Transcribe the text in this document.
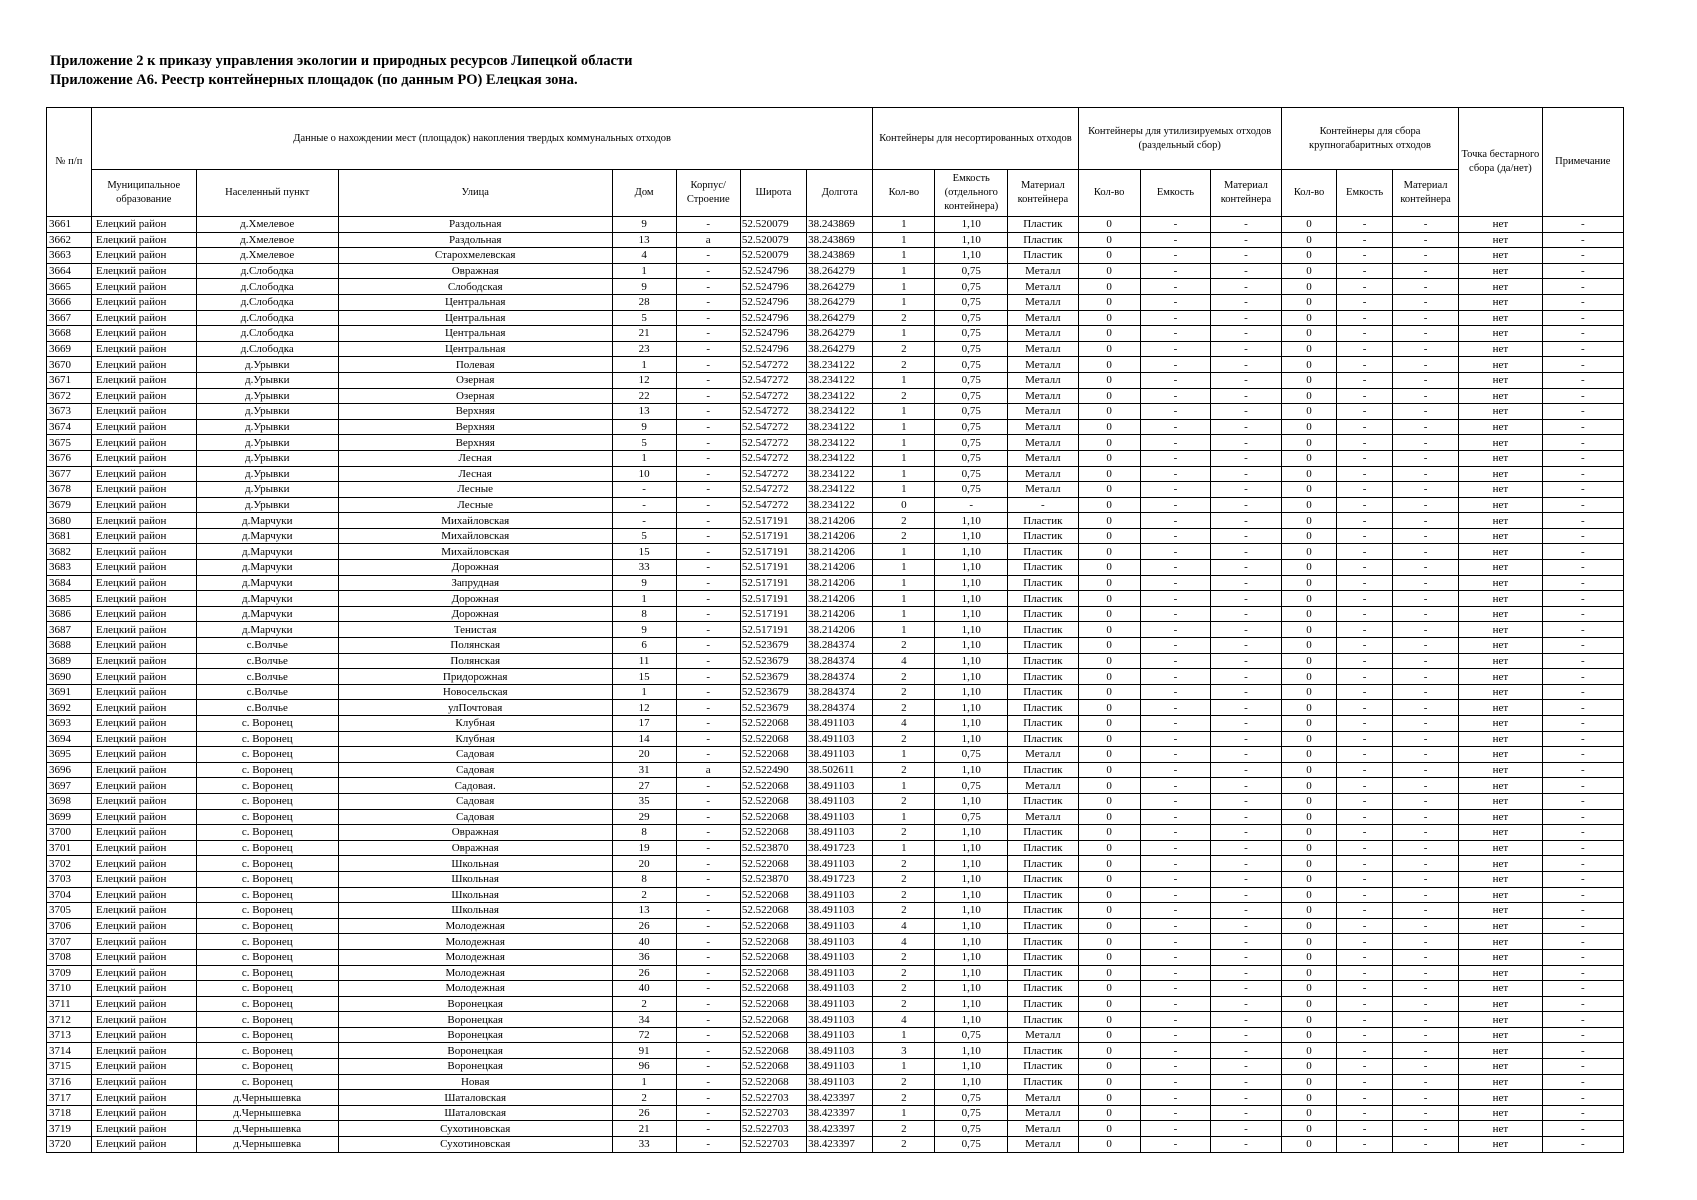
Приложение 2 к приказу управления экологии и природных ресурсов Липецкой области
Приложение А6. Реестр контейнерных площадок (по данным РО) Елецкая зона.
№ п/п	Данные о нахождении мест (площадок) накопления твердых коммунальных отходов							Контейнеры для несортированных отходов			Контейнеры для утилизируемых отходов (раздельный сбор)			Контейнеры для сбора крупногабаритных отходов			Точка бестарного сбора (да/нет)	Примечание
	Муниципальное образование	Населенный пункт	Улица	Дом	Корпус/ Строение	Широта	Долгота	Кол-во	Емкость (отдельного контейнера)	Материал контейнера	Кол-во	Емкость	Материал контейнера	Кол-во	Емкость	Материал контейнера		
3661	Елецкий район	д.Хмелевое	Раздольная	9	-	52.520079	38.243869	1	1,10	Пластик	0	-	-	0	-	-	нет	-
3662	Елецкий район	д.Хмелевое	Раздольная	13	а	52.520079	38.243869	1	1,10	Пластик	0	-	-	0	-	-	нет	-
3663	Елецкий район	д.Хмелевое	Старохмелевская	4	-	52.520079	38.243869	1	1,10	Пластик	0	-	-	0	-	-	нет	-
3664	Елецкий район	д.Слободка	Овражная	1	-	52.524796	38.264279	1	0,75	Металл	0	-	-	0	-	-	нет	-
3665	Елецкий район	д.Слободка	Слободская	9	-	52.524796	38.264279	1	0,75	Металл	0	-	-	0	-	-	нет	-
3666	Елецкий район	д.Слободка	Центральная	28	-	52.524796	38.264279	1	0,75	Металл	0	-	-	0	-	-	нет	-
3667	Елецкий район	д.Слободка	Центральная	5	-	52.524796	38.264279	2	0,75	Металл	0	-	-	0	-	-	нет	-
3668	Елецкий район	д.Слободка	Центральная	21	-	52.524796	38.264279	1	0,75	Металл	0	-	-	0	-	-	нет	-
3669	Елецкий район	д.Слободка	Центральная	23	-	52.524796	38.264279	2	0,75	Металл	0	-	-	0	-	-	нет	-
3670	Елецкий район	д.Урывки	Полевая	1	-	52.547272	38.234122	2	0,75	Металл	0	-	-	0	-	-	нет	-
3671	Елецкий район	д.Урывки	Озерная	12	-	52.547272	38.234122	1	0,75	Металл	0	-	-	0	-	-	нет	-
3672	Елецкий район	д.Урывки	Озерная	22	-	52.547272	38.234122	2	0,75	Металл	0	-	-	0	-	-	нет	-
3673	Елецкий район	д.Урывки	Верхняя	13	-	52.547272	38.234122	1	0,75	Металл	0	-	-	0	-	-	нет	-
3674	Елецкий район	д.Урывки	Верхняя	9	-	52.547272	38.234122	1	0,75	Металл	0	-	-	0	-	-	нет	-
3675	Елецкий район	д.Урывки	Верхняя	5	-	52.547272	38.234122	1	0,75	Металл	0	-	-	0	-	-	нет	-
3676	Елецкий район	д.Урывки	Лесная	1	-	52.547272	38.234122	1	0,75	Металл	0	-	-	0	-	-	нет	-
3677	Елецкий район	д.Урывки	Лесная	10	-	52.547272	38.234122	1	0,75	Металл	0	-	-	0	-	-	нет	-
3678	Елецкий район	д.Урывки	Лесные	-	-	52.547272	38.234122	1	0,75	Металл	0	-	-	0	-	-	нет	-
3679	Елецкий район	д.Урывки	Лесные	-	-	52.547272	38.234122	0	-	-	0	-	-	0	-	-	нет	-
3680	Елецкий район	д.Марчуки	Михайловская	-	-	52.517191	38.214206	2	1,10	Пластик	0	-	-	0	-	-	нет	-
3681	Елецкий район	д.Марчуки	Михайловская	5	-	52.517191	38.214206	2	1,10	Пластик	0	-	-	0	-	-	нет	-
3682	Елецкий район	д.Марчуки	Михайловская	15	-	52.517191	38.214206	1	1,10	Пластик	0	-	-	0	-	-	нет	-
3683	Елецкий район	д.Марчуки	Дорожная	33	-	52.517191	38.214206	1	1,10	Пластик	0	-	-	0	-	-	нет	-
3684	Елецкий район	д.Марчуки	Запрудная	9	-	52.517191	38.214206	1	1,10	Пластик	0	-	-	0	-	-	нет	-
3685	Елецкий район	д.Марчуки	Дорожная	1	-	52.517191	38.214206	1	1,10	Пластик	0	-	-	0	-	-	нет	-
3686	Елецкий район	д.Марчуки	Дорожная	8	-	52.517191	38.214206	1	1,10	Пластик	0	-	-	0	-	-	нет	-
3687	Елецкий район	д.Марчуки	Тенистая	9	-	52.517191	38.214206	1	1,10	Пластик	0	-	-	0	-	-	нет	-
3688	Елецкий район	с.Волчье	Полянская	6	-	52.523679	38.284374	2	1,10	Пластик	0	-	-	0	-	-	нет	-
3689	Елецкий район	с.Волчье	Полянская	11	-	52.523679	38.284374	4	1,10	Пластик	0	-	-	0	-	-	нет	-
3690	Елецкий район	с.Волчье	Придорожная	15	-	52.523679	38.284374	2	1,10	Пластик	0	-	-	0	-	-	нет	-
3691	Елецкий район	с.Волчье	Новосельская	1	-	52.523679	38.284374	2	1,10	Пластик	0	-	-	0	-	-	нет	-
3692	Елецкий район	с.Волчье	улПочтовая	12	-	52.523679	38.284374	2	1,10	Пластик	0	-	-	0	-	-	нет	-
3693	Елецкий район	с. Воронец	Клубная	17	-	52.522068	38.491103	4	1,10	Пластик	0	-	-	0	-	-	нет	-
3694	Елецкий район	с. Воронец	Клубная	14	-	52.522068	38.491103	2	1,10	Пластик	0	-	-	0	-	-	нет	-
3695	Елецкий район	с. Воронец	Садовая	20	-	52.522068	38.491103	1	0,75	Металл	0	-	-	0	-	-	нет	-
3696	Елецкий район	с. Воронец	Садовая	31	а	52.522490	38.502611	2	1,10	Пластик	0	-	-	0	-	-	нет	-
3697	Елецкий район	с. Воронец	Садовая.	27	-	52.522068	38.491103	1	0,75	Металл	0	-	-	0	-	-	нет	-
3698	Елецкий район	с. Воронец	Садовая	35	-	52.522068	38.491103	2	1,10	Пластик	0	-	-	0	-	-	нет	-
3699	Елецкий район	с. Воронец	Садовая	29	-	52.522068	38.491103	1	0,75	Металл	0	-	-	0	-	-	нет	-
3700	Елецкий район	с. Воронец	Овражная	8	-	52.522068	38.491103	2	1,10	Пластик	0	-	-	0	-	-	нет	-
3701	Елецкий район	с. Воронец	Овражная	19	-	52.523870	38.491723	1	1,10	Пластик	0	-	-	0	-	-	нет	-
3702	Елецкий район	с. Воронец	Школьная	20	-	52.522068	38.491103	2	1,10	Пластик	0	-	-	0	-	-	нет	-
3703	Елецкий район	с. Воронец	Школьная	8	-	52.523870	38.491723	2	1,10	Пластик	0	-	-	0	-	-	нет	-
3704	Елецкий район	с. Воронец	Школьная	2	-	52.522068	38.491103	2	1,10	Пластик	0	-	-	0	-	-	нет	-
3705	Елецкий район	с. Воронец	Школьная	13	-	52.522068	38.491103	2	1,10	Пластик	0	-	-	0	-	-	нет	-
3706	Елецкий район	с. Воронец	Молодежная	26	-	52.522068	38.491103	4	1,10	Пластик	0	-	-	0	-	-	нет	-
3707	Елецкий район	с. Воронец	Молодежная	40	-	52.522068	38.491103	4	1,10	Пластик	0	-	-	0	-	-	нет	-
3708	Елецкий район	с. Воронец	Молодежная	36	-	52.522068	38.491103	2	1,10	Пластик	0	-	-	0	-	-	нет	-
3709	Елецкий район	с. Воронец	Молодежная	26	-	52.522068	38.491103	2	1,10	Пластик	0	-	-	0	-	-	нет	-
3710	Елецкий район	с. Воронец	Молодежная	40	-	52.522068	38.491103	2	1,10	Пластик	0	-	-	0	-	-	нет	-
3711	Елецкий район	с. Воронец	Воронецкая	2	-	52.522068	38.491103	2	1,10	Пластик	0	-	-	0	-	-	нет	-
3712	Елецкий район	с. Воронец	Воронецкая	34	-	52.522068	38.491103	4	1,10	Пластик	0	-	-	0	-	-	нет	-
3713	Елецкий район	с. Воронец	Воронецкая	72	-	52.522068	38.491103	1	0,75	Металл	0	-	-	0	-	-	нет	-
3714	Елецкий район	с. Воронец	Воронецкая	91	-	52.522068	38.491103	3	1,10	Пластик	0	-	-	0	-	-	нет	-
3715	Елецкий район	с. Воронец	Воронецкая	96	-	52.522068	38.491103	1	1,10	Пластик	0	-	-	0	-	-	нет	-
3716	Елецкий район	с. Воронец	Новая	1	-	52.522068	38.491103	2	1,10	Пластик	0	-	-	0	-	-	нет	-
3717	Елецкий район	д.Чернышевка	Шаталовская	2	-	52.522703	38.423397	2	0,75	Металл	0	-	-	0	-	-	нет	-
3718	Елецкий район	д.Чернышевка	Шаталовская	26	-	52.522703	38.423397	1	0,75	Металл	0	-	-	0	-	-	нет	-
3719	Елецкий район	д.Чернышевка	Сухотиновская	21	-	52.522703	38.423397	2	0,75	Металл	0	-	-	0	-	-	нет	-
3720	Елецкий район	д.Чернышевка	Сухотиновская	33	-	52.522703	38.423397	2	0,75	Металл	0	-	-	0	-	-	нет	-
